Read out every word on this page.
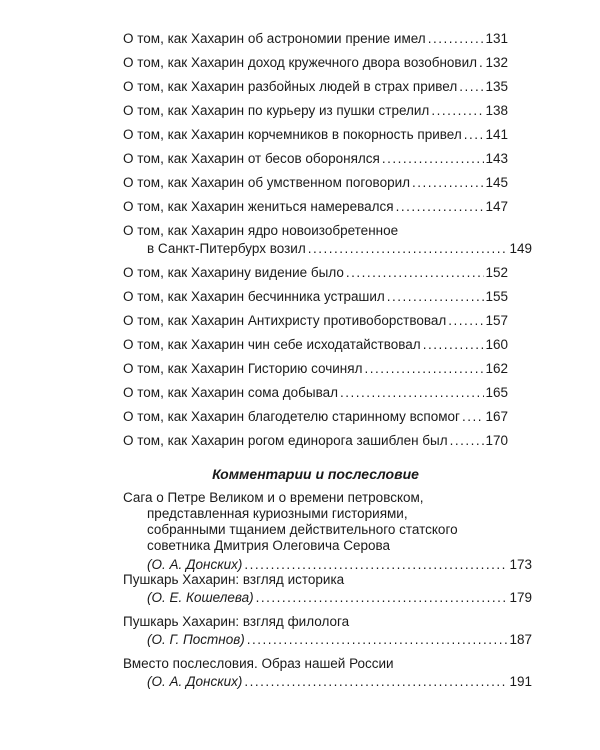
О том, как Хахарин об астрономии прение имел .....	131
О том, как Хахарин доход кружечного двора возобновил ..... 132
О том, как Хахарин разбойных людей в страх привел ..... 135
О том, как Хахарин по курьеру из пушки стрелил .....	138
О том, как Хахарин корчемников в покорность привел ..... 141
О том, как Хахарин от бесов оборонялся .....	143
О том, как Хахарин об умственном поговорил .....	145
О том, как Хахарин жениться намеревался .....	147
О том, как Хахарин ядро новоизобретенное
в Санкт-Питербурх возил .....	149
О том, как Хахарину видение было .....	152
О том, как Хахарин бесчинника устрашил .....	155
О том, как Хахарин Антихристу противоборствовал .....	157
О том, как Хахарин чин себе исходатайствовал .....	160
О том, как Хахарин Гисторию сочинял .....	162
О том, как Хахарин сома добывал .....	165
О том, как Хахарин благодетелю старинному вспомог ..... 167
О том, как Хахарин рогом единорога зашиблен был .....	170
Комментарии и послесловие
Сага о Петре Великом и о времени петровском,
представленная куриозными гисториями,
собранными тщанием действительного статского
советника Дмитрия Олеговича Серова
(О. А. Донских) .....	173
Пушкарь Хахарин: взгляд историка
(О. Е. Кошелева) .....	179
Пушкарь Хахарин: взгляд филолога
(О. Г. Постнов) .....	187
Вместо послесловия. Образ нашей России
(О. А. Донских) .....	191
